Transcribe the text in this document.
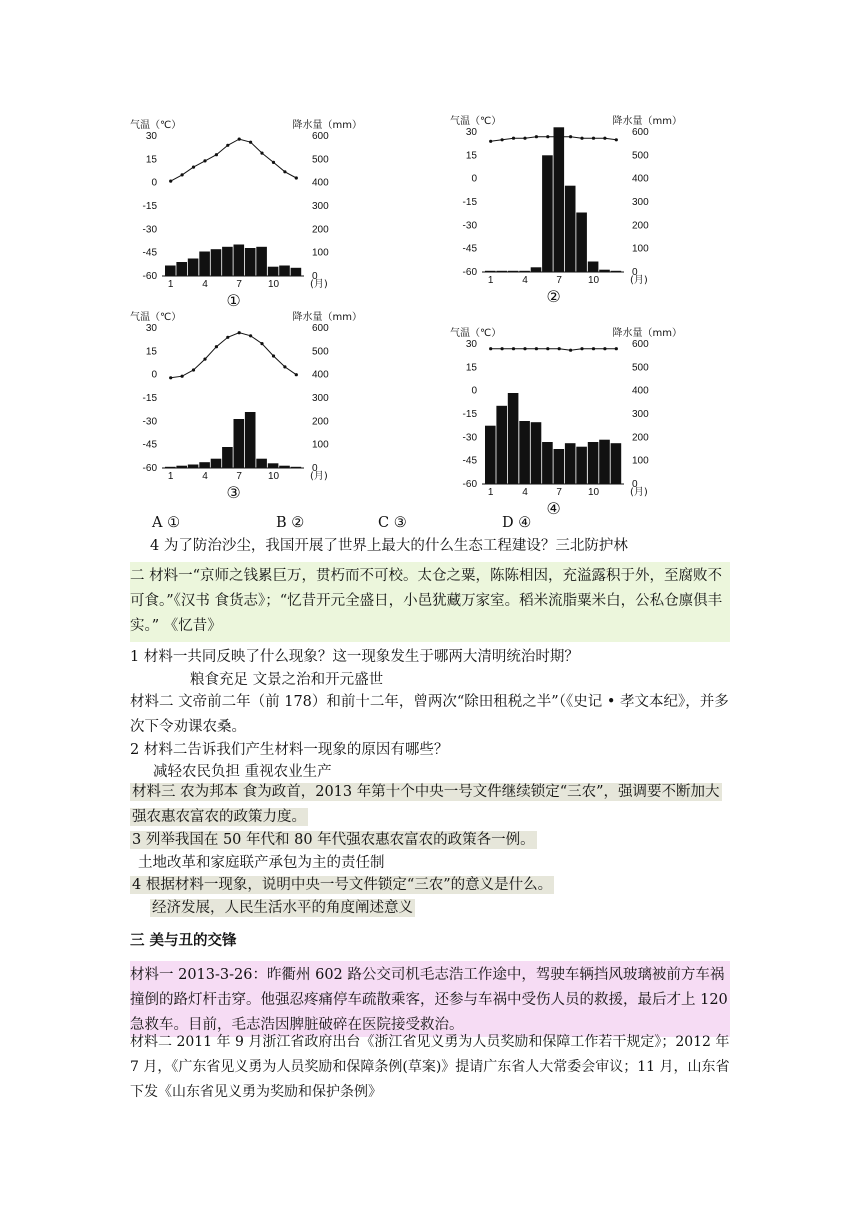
气温（℃）	降水量（mm）
30
15
0
-15
-30
-45
-60
600
500
400
300
200
100
0
1	4	7	10	(月)
①
气温（℃）	降水量（mm）
30
15
0
-15
-30
-45
-60
600
500
400
300
200
100
0
1	4	7	10	(月)
②
气温（℃）	降水量（mm）
30
15
0
-15
-30
-45
-60
600
500
400
300
200
100
0
1	4	7	10	(月)
③
气温（℃）	降水量（mm）
30
15
0
-15
-30
-45
-60
600
500
400
300
200
100
0
1	4	7	10	(月)
④
A ①	B ②	C ③	D ④
4 为了防治沙尘，我国开展了世界上最大的什么生态工程建设？三北防护林
二 材料一“京师之钱累巨万，贯朽而不可校。太仓之粟，陈陈相因，充溢露积于外，至腐败不可食。”《汉书 食货志》；“忆昔开元全盛日，小邑犹藏万家室。稻米流脂粟米白，公私仓廪俱丰实。” 《忆昔》
1 材料一共同反映了什么现象？这一现象发生于哪两大清明统治时期？
粮食充足 文景之治和开元盛世
材料二 文帝前二年（前 178）和前十二年，曾两次“除田租税之半”（《史记 • 孝文本纪》，并多次下令劝课农桑。
2 材料二告诉我们产生材料一现象的原因有哪些？
减轻农民负担 重视农业生产
材料三 农为邦本 食为政首，2013 年第十个中央一号文件继续锁定“三农”，强调要不断加大强农惠农富农的政策力度。
3 列举我国在 50 年代和 80 年代强农惠农富农的政策各一例。
土地改革和家庭联产承包为主的责任制
4 根据材料一现象，说明中央一号文件锁定“三农”的意义是什么。
经济发展，人民生活水平的角度阐述意义
三 美与丑的交锋
材料一 2013-3-26：昨衢州 602 路公交司机毛志浩工作途中，驾驶车辆挡风玻璃被前方车祸撞倒的路灯杆击穿。他强忍疼痛停车疏散乘客，还参与车祸中受伤人员的救援，最后才上 120 急救车。目前，毛志浩因脾脏破碎在医院接受救治。
材料二 2011 年 9 月浙江省政府出台《浙江省见义勇为人员奖励和保障工作若干规定》；2012 年 7 月，《广东省见义勇为人员奖励和保障条例(草案)》提请广东省人大常委会审议；11 月，山东省下发《山东省见义勇为奖励和保护条例》
